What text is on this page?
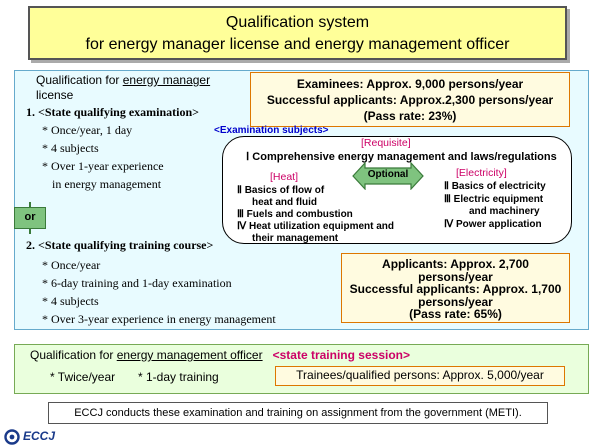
Qualification system
for energy manager license and energy management officer
Qualification for energy manager
license
1. <State qualifying examination>
* Once/year, 1 day
* 4 subjects
* Over 1-year experience
in energy management
or
2. <State qualifying training course>
* Once/year
* 6-day training and 1-day examination
* 4 subjects
* Over 3-year experience in energy management
Examinees: Approx. 9,000 persons/year
Successful applicants: Approx.2,300 persons/year
(Pass rate: 23%)
<Examination subjects>
[Requisite]
Ⅰ Comprehensive energy management and laws/regulations
Optional
[Heat]
Ⅱ Basics of flow of
heat and fluid
Ⅲ Fuels and combustion
Ⅳ Heat utilization equipment and
their management
[Electricity]
Ⅱ Basics of electricity
Ⅲ Electric equipment
and machinery
Ⅳ Power application
Applicants: Approx. 2,700
persons/year
Successful applicants: Approx. 1,700
persons/year
(Pass rate: 65%)
Qualification for energy management officer <state training session>
* Twice/year * 1-day training	Trainees/qualified persons: Approx. 5,000/year
ECCJ conducts these examination and training on assignment from the government (METI).
ECCJ
